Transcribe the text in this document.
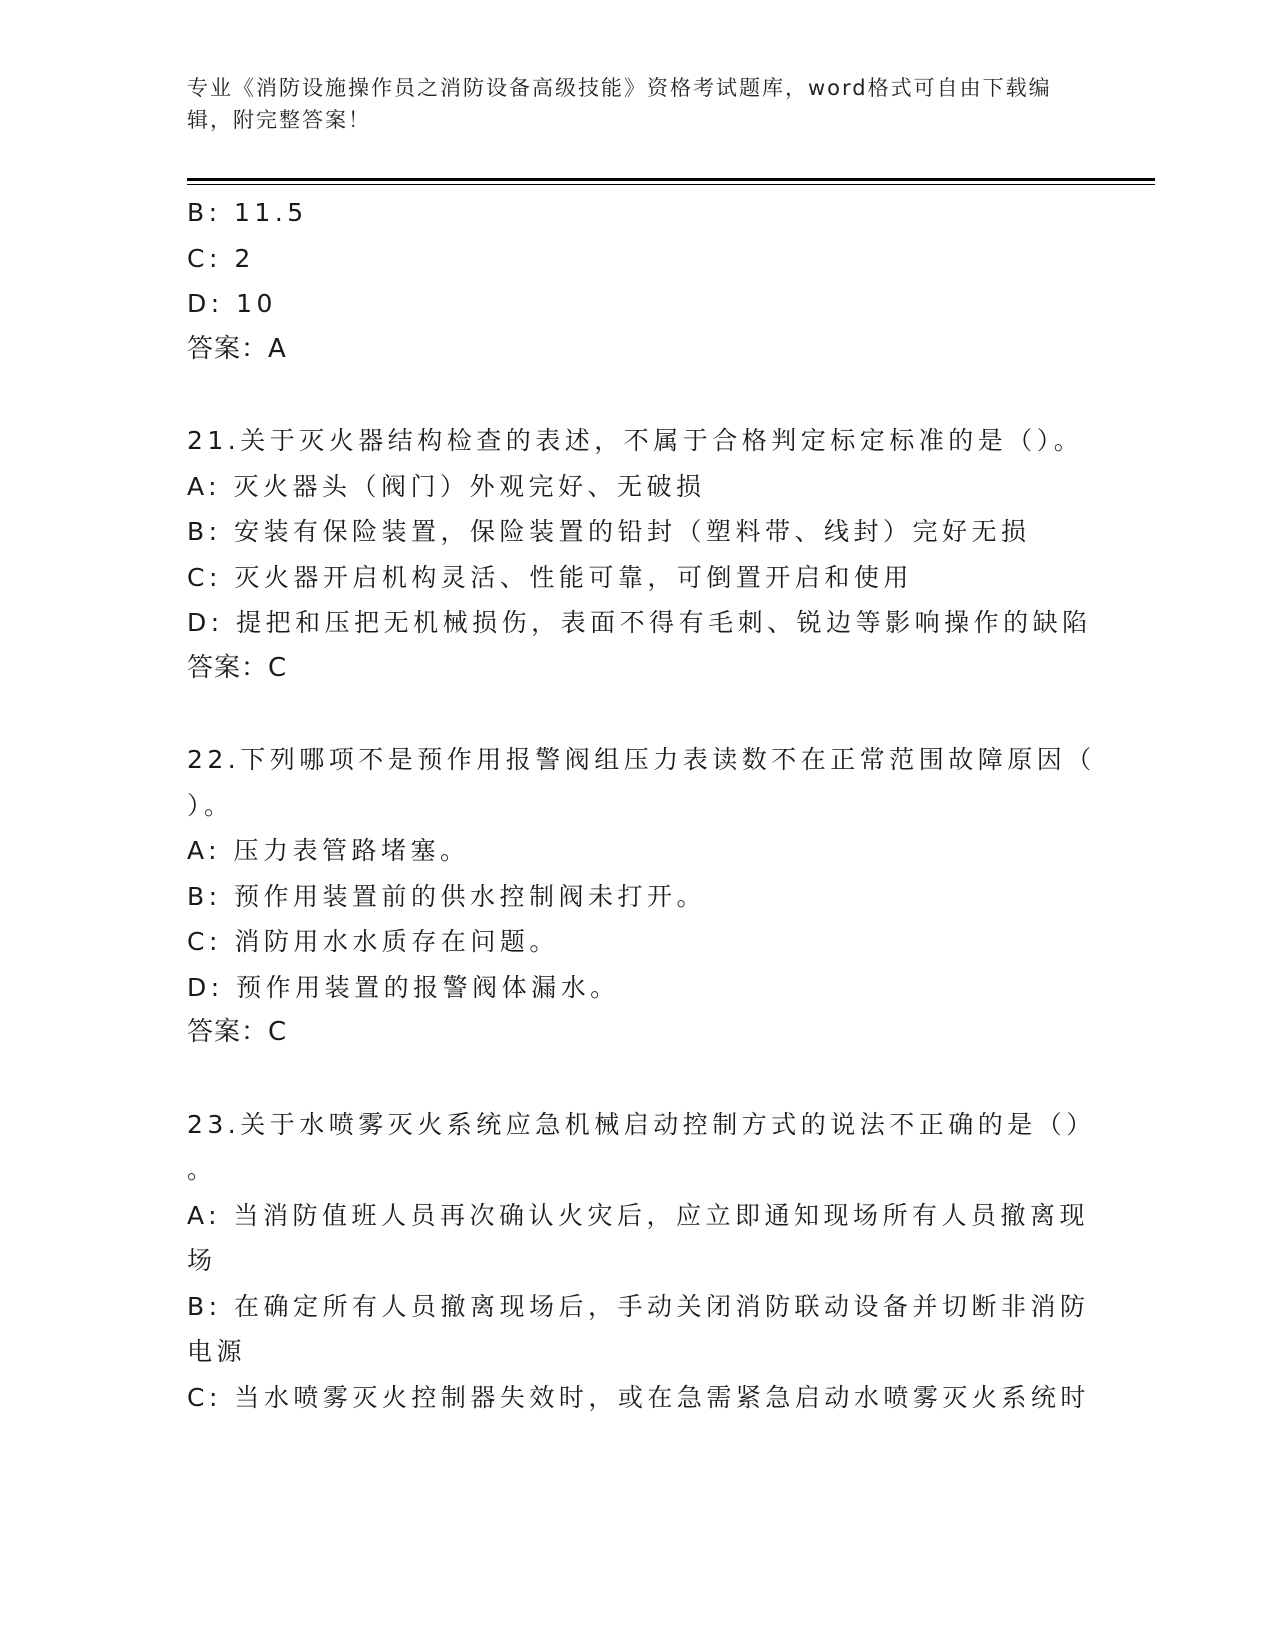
专业《消防设施操作员之消防设备高级技能》资格考试题库，word格式可自由下载编辑，附完整答案！
B: 11.5
C: 2
D: 10
答案：A
21.关于灭火器结构检查的表述，不属于合格判定标定标准的是（）。
A: 灭火器头（阀门）外观完好、无破损
B: 安装有保险装置，保险装置的铅封（塑料带、线封）完好无损
C: 灭火器开启机构灵活、性能可靠，可倒置开启和使用
D: 提把和压把无机械损伤，表面不得有毛刺、锐边等影响操作的缺陷
答案：C
22.下列哪项不是预作用报警阀组压力表读数不在正常范围故障原因（
）。
A: 压力表管路堵塞。
B: 预作用装置前的供水控制阀未打开。
C: 消防用水水质存在问题。
D: 预作用装置的报警阀体漏水。
答案：C
23.关于水喷雾灭火系统应急机械启动控制方式的说法不正确的是（）
。
A: 当消防值班人员再次确认火灾后，应立即通知现场所有人员撤离现
场
B: 在确定所有人员撤离现场后，手动关闭消防联动设备并切断非消防
电源
C: 当水喷雾灭火控制器失效时，或在急需紧急启动水喷雾灭火系统时
